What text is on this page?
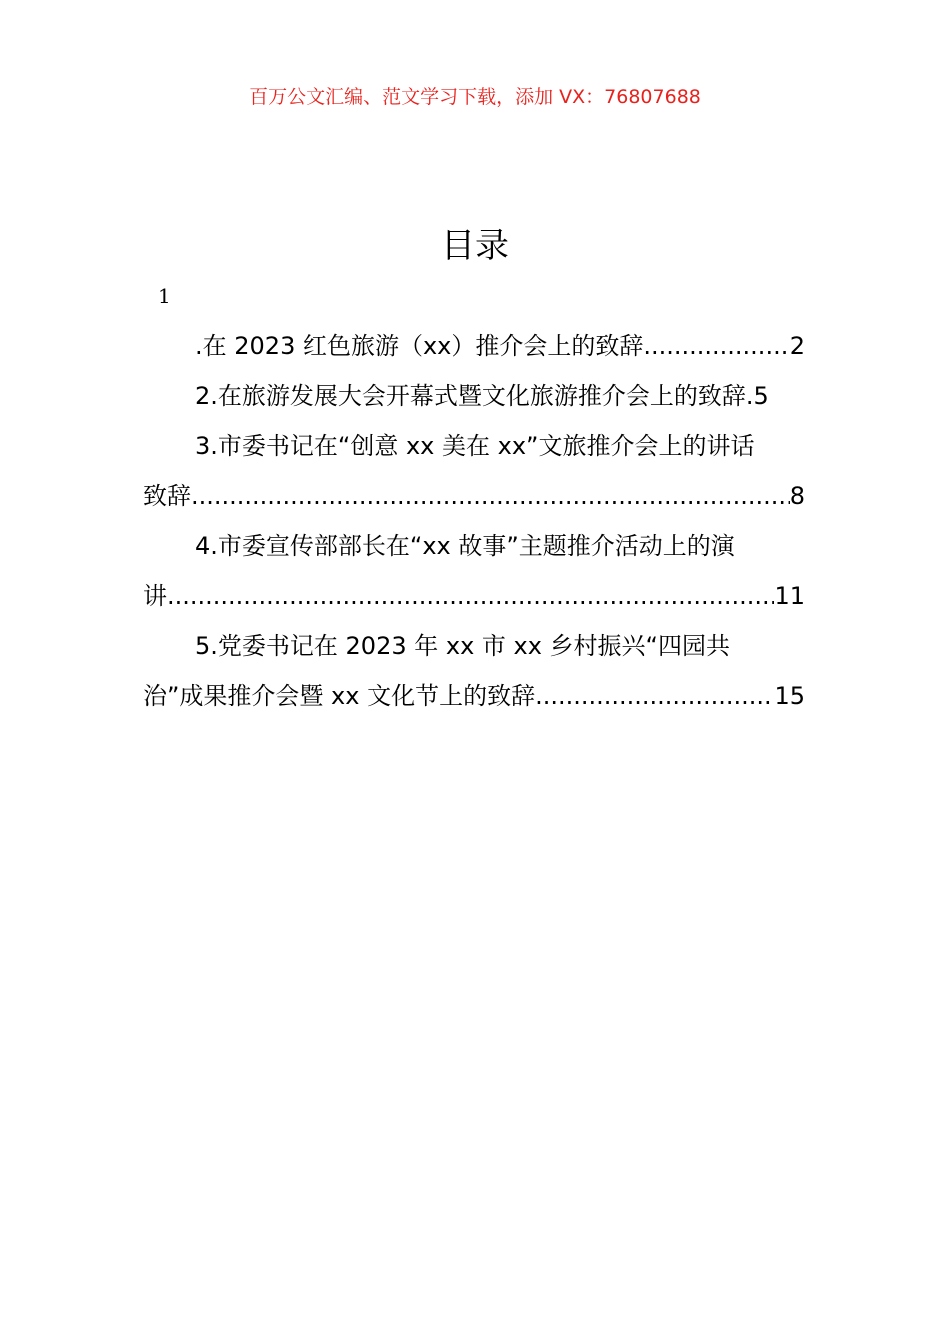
百万公文汇编、范文学习下载，添加 VX：76807688
目录
1
.在 2023 红色旅游（xx）推介会上的致辞 .....	2
2.在旅游发展大会开幕式暨文化旅游推介会上的致辞.5
3.市委书记在“创意 xx 美在 xx”文旅推介会上的讲话
致辞 .....	8
4.市委宣传部部长在“xx 故事”主题推介活动上的演
讲 .....	11
5.党委书记在 2023 年 xx 市 xx 乡村振兴“四园共
治”成果推介会暨 xx 文化节上的致辞 .....	15
